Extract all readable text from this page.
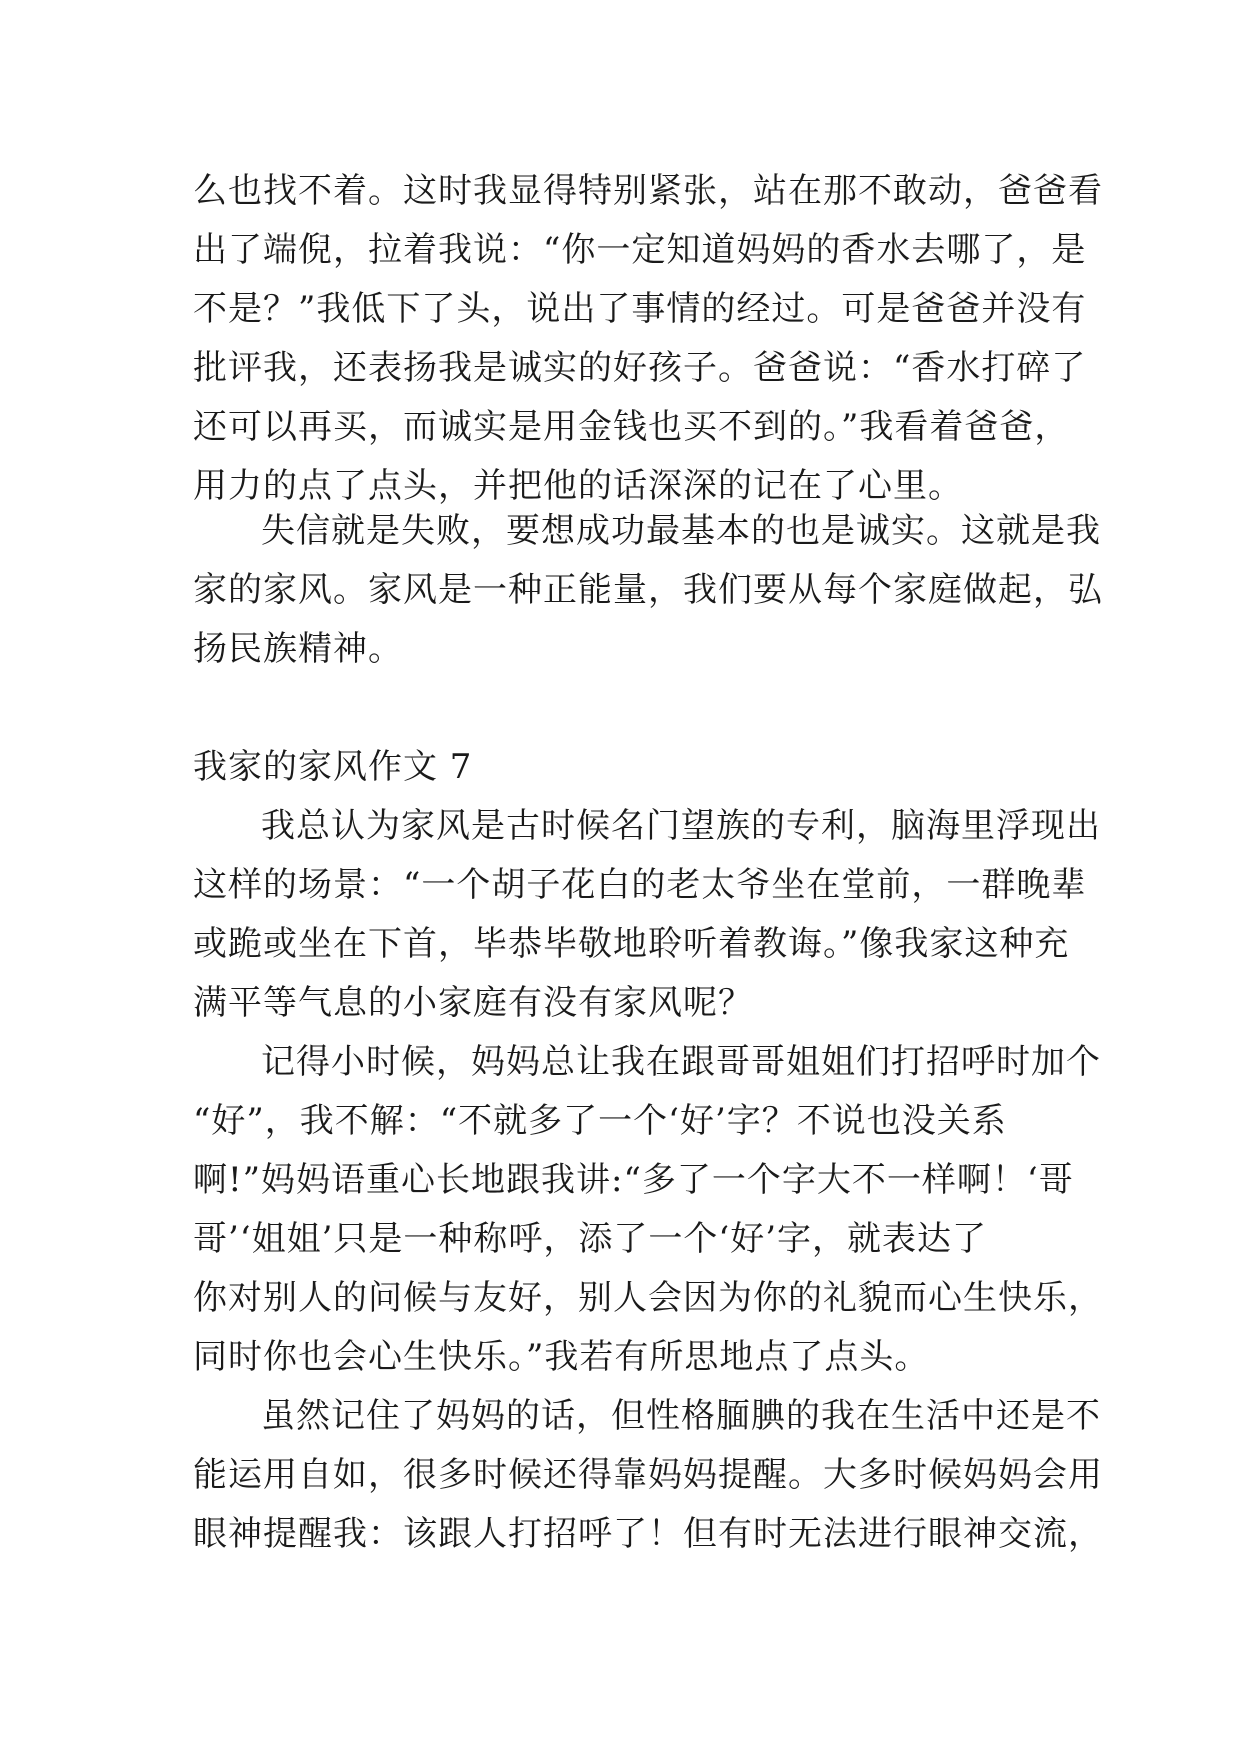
么也找不着。这时我显得特别紧张，站在那不敢动，爸爸看
出了端倪，拉着我说：“你一定知道妈妈的香水去哪了，是
不是？”我低下了头，说出了事情的经过。可是爸爸并没有
批评我，还表扬我是诚实的好孩子。爸爸说：“香水打碎了
还可以再买，而诚实是用金钱也买不到的。”我看着爸爸，
用力的点了点头，并把他的话深深的记在了心里。
失信就是失败，要想成功最基本的也是诚实。这就是我
家的家风。家风是一种正能量，我们要从每个家庭做起，弘
扬民族精神。
我家的家风作文 7
我总认为家风是古时候名门望族的专利，脑海里浮现出
这样的场景：“一个胡子花白的老太爷坐在堂前，一群晚辈
或跪或坐在下首，毕恭毕敬地聆听着教诲。”像我家这种充
满平等气息的小家庭有没有家风呢？
记得小时候，妈妈总让我在跟哥哥姐姐们打招呼时加个
“好”，我不解：“不就多了一个‘好’字？不说也没关系
啊!”妈妈语重心长地跟我讲:“多了一个字大不一样啊！‘哥
哥’‘姐姐’只是一种称呼，添了一个‘好’字，就表达了
你对别人的问候与友好，别人会因为你的礼貌而心生快乐，
同时你也会心生快乐。”我若有所思地点了点头。
虽然记住了妈妈的话，但性格腼腆的我在生活中还是不
能运用自如，很多时候还得靠妈妈提醒。大多时候妈妈会用
眼神提醒我：该跟人打招呼了！但有时无法进行眼神交流，
